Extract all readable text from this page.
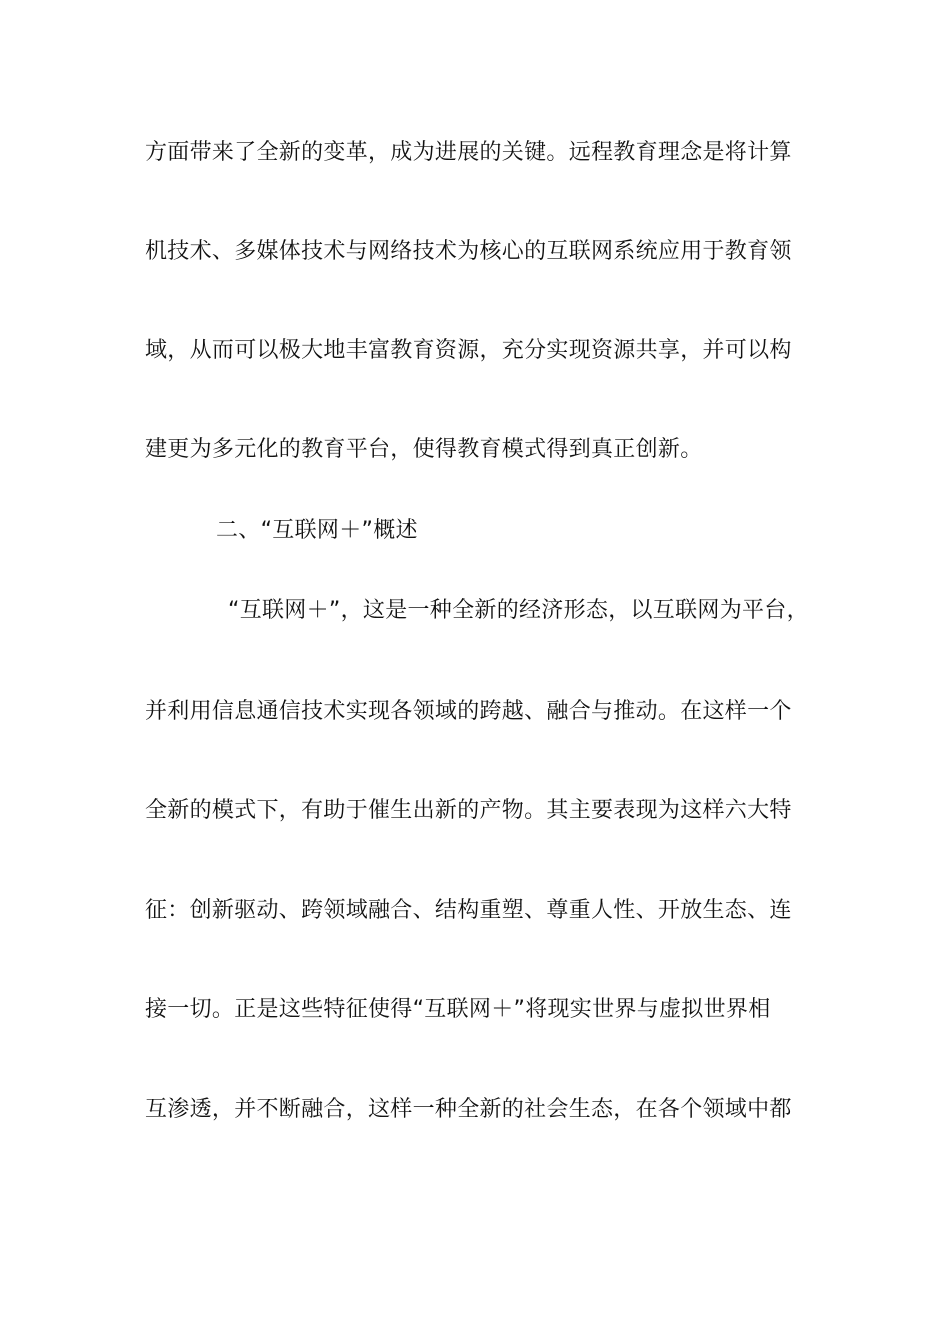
方面带来了全新的变革，成为进展的关键。远程教育理念是将计算
机技术、多媒体技术与网络技术为核心的互联网系统应用于教育领
域，从而可以极大地丰富教育资源，充分实现资源共享，并可以构
建更为多元化的教育平台，使得教育模式得到真正创新。
二、“互联网＋”概述
“互联网＋”，这是一种全新的经济形态，以互联网为平台，
并利用信息通信技术实现各领域的跨越、融合与推动。在这样一个
全新的模式下，有助于催生出新的产物。其主要表现为这样六大特
征：创新驱动、跨领域融合、结构重塑、尊重人性、开放生态、连
接一切。正是这些特征使得“互联网＋”将现实世界与虚拟世界相
互渗透，并不断融合，这样一种全新的社会生态，在各个领域中都
